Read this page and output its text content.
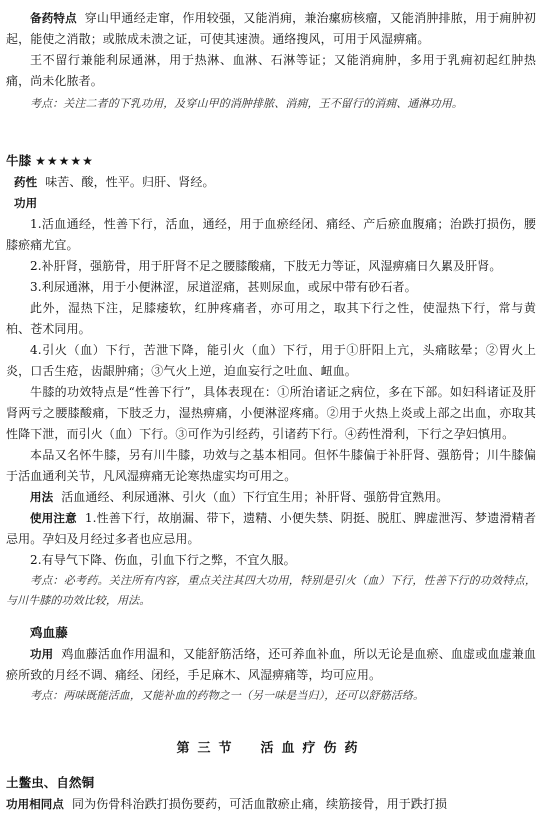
备药特点 穿山甲通经走窜，作用较强，又能消痈，兼治瘰疬核瘤，又能消肿排脓，用于痈肿初起，能使之消散；或脓成未溃之证，可使其速溃。通络搜风，可用于风湿痹痛。

王不留行兼能利尿通淋，用于热淋、血淋、石淋等证；又能消痈肿，多用于乳痈初起红肿热痛，尚未化脓者。

考点：关注二者的下乳功用，及穿山甲的消肿排脓、消痈，王不留行的消痈、通淋功用。

牛膝 ★★★★★

药性 味苦、酸，性平。归肝、肾经。

功用

1.活血通经，性善下行，活血，通经，用于血瘀经闭、痛经、产后瘀血腹痛；治跌打损伤，腰膝瘀痛尤宜。

2.补肝肾，强筋骨，用于肝肾不足之腰膝酸痛，下肢无力等证，风湿痹痛日久累及肝肾。

3.利尿通淋，用于小便淋涩，尿道涩痛，甚则尿血，或尿中带有砂石者。

此外，湿热下注，足膝痿软，红肿疼痛者，亦可用之，取其下行之性，使湿热下行，常与黄柏、苍术同用。

4.引火（血）下行，苦泄下降，能引火（血）下行，用于①肝阳上亢，头痛眩晕；②胃火上炎，口舌生疮，齿龈肿痛；③气火上逆，迫血妄行之吐血、衄血。

牛膝的功效特点是“性善下行”，具体表现在：①所治诸证之病位，多在下部。如妇科诸证及肝肾两亏之腰膝酸痛，下肢乏力，湿热痹痛，小便淋涩疼痛。②用于火热上炎或上部之出血，亦取其性降下泄，而引火（血）下行。③可作为引经药，引诸药下行。④药性滑利，下行之孕妇慎用。

本品又名怀牛膝，另有川牛膝，功效与之基本相同。但怀牛膝偏于补肝肾、强筋骨；川牛膝偏于活血通利关节，凡风湿痹痛无论寒热虚实均可用之。

用法 活血通经、利尿通淋、引火（血）下行宜生用；补肝肾、强筋骨宜熟用。

使用注意 1.性善下行，故崩漏、带下，遗精、小便失禁、阴挺、脱肛、脾虚泄泻、梦遗滑精者忌用。孕妇及月经过多者也应忌用。

2.有导气下降、伤血，引血下行之弊，不宜久服。

考点：必考药。关注所有内容，重点关注其四大功用，特别是引火（血）下行，性善下行的功效特点，与川牛膝的功效比较，用法。

鸡血藤

功用 鸡血藤活血作用温和，又能舒筋活络，还可养血补血，所以无论是血瘀、血虚或血虚兼血瘀所致的月经不调、痛经、闭经，手足麻木、风湿痹痛等，均可应用。

考点：两味既能活血，又能补血的药物之一（另一味是当归），还可以舒筋活络。

第三节　活血疗伤药

土鳖虫、自然铜

功用相同点 同为伤骨科治跌打损伤要药，可活血散瘀止痛，续筋接骨，用于跌打损
